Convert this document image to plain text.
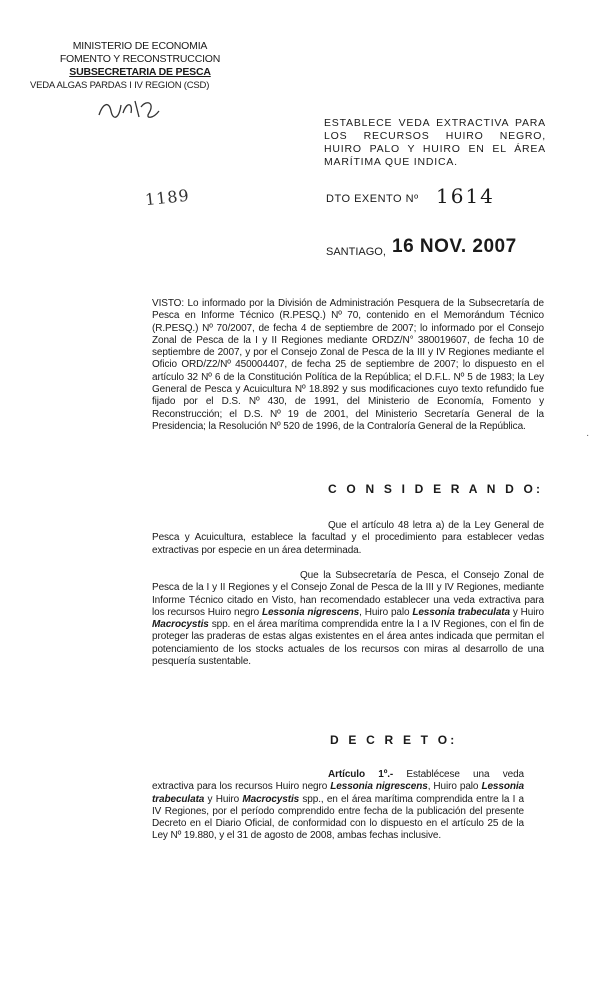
MINISTERIO DE ECONOMIA
FOMENTO Y RECONSTRUCCION
SUBSECRETARIA DE PESCA
VEDA ALGAS PARDAS I IV REGION (CSD)
1189
ESTABLECE VEDA EXTRACTIVA PARA LOS RECURSOS HUIRO NEGRO, HUIRO PALO Y HUIRO EN EL ÁREA MARÍTIMA QUE INDICA.
DTO EXENTO Nº 1614
SANTIAGO, 16 NOV. 2007
VISTO: Lo informado por la División de Administración Pesquera de la Subsecretaría de Pesca en Informe Técnico (R.PESQ.) Nº 70, contenido en el Memorándum Técnico (R.PESQ.) Nº 70/2007, de fecha 4 de septiembre de 2007; lo informado por el Consejo Zonal de Pesca de la I y II Regiones mediante ORDZ/N° 380019607, de fecha 10 de septiembre de 2007, y por el Consejo Zonal de Pesca de la III y IV Regiones mediante el Oficio ORD/Z2/Nº 450004407, de fecha 25 de septiembre de 2007; lo dispuesto en el artículo 32 Nº 6 de la Constitución Política de la República; el D.F.L. Nº 5 de 1983; la Ley General de Pesca y Acuicultura Nº 18.892 y sus modificaciones cuyo texto refundido fue fijado por el D.S. Nº 430, de 1991, del Ministerio de Economía, Fomento y Reconstrucción; el D.S. Nº 19 de 2001, del Ministerio Secretaría General de la Presidencia; la Resolución Nº 520 de 1996, de la Contraloría General de la República.
C O N S I D E R A N D O:
Que el artículo 48 letra a) de la Ley General de Pesca y Acuicultura, establece la facultad y el procedimiento para establecer vedas extractivas por especie en un área determinada.
Que la Subsecretaría de Pesca, el Consejo Zonal de Pesca de la I y II Regiones y el Consejo Zonal de Pesca de la III y IV Regiones, mediante Informe Técnico citado en Visto, han recomendado establecer una veda extractiva para los recursos Huiro negro Lessonia nigrescens, Huiro palo Lessonia trabeculata y Huiro Macrocystis spp. en el área marítima comprendida entre la I a IV Regiones, con el fin de proteger las praderas de estas algas existentes en el área antes indicada que permitan el potenciamiento de los stocks actuales de los recursos con miras al desarrollo de una pesquería sustentable.
D E C R E T O:
Artículo 1º.- Establécese una veda extractiva para los recursos Huiro negro Lessonia nigrescens, Huiro palo Lessonia trabeculata y Huiro Macrocystis spp., en el área marítima comprendida entre la I a IV Regiones, por el período comprendido entre fecha de la publicación del presente Decreto en el Diario Oficial, de conformidad con lo dispuesto en el artículo 25 de la Ley Nº 19.880, y el 31 de agosto de 2008, ambas fechas inclusive.
·
